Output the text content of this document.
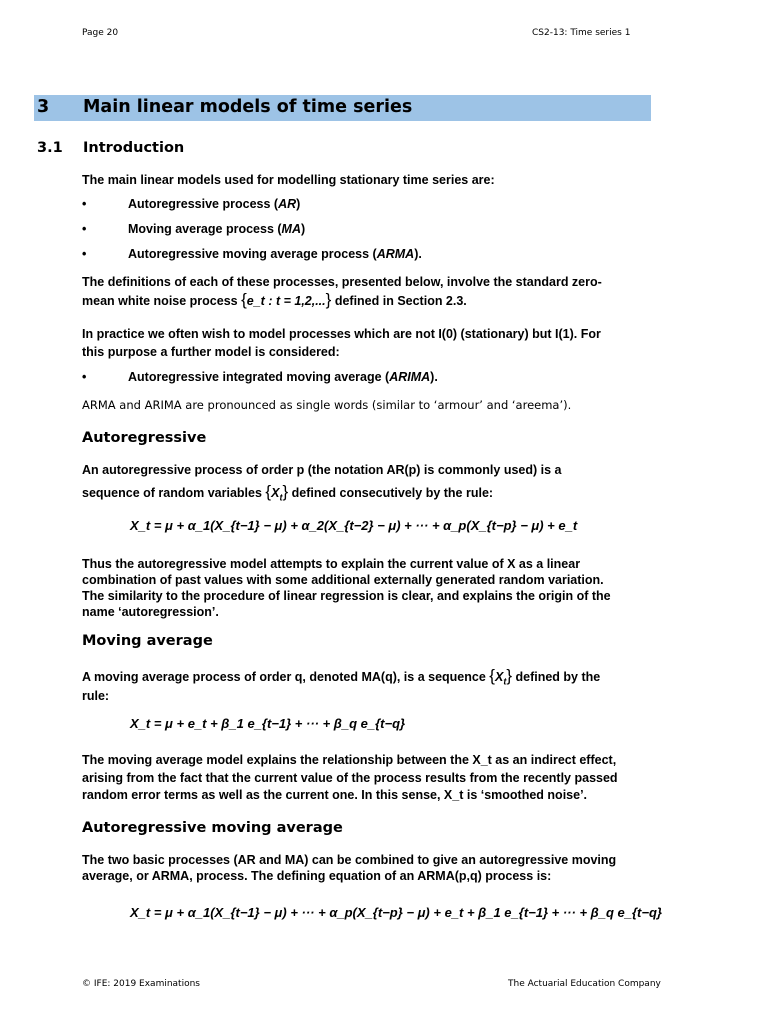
Page 20	CS2-13: Time series 1
3 Main linear models of time series
3.1 Introduction
The main linear models used for modelling stationary time series are:
•	Autoregressive process (AR)
•	Moving average process (MA)
•	Autoregressive moving average process (ARMA).
The definitions of each of these processes, presented below, involve the standard zero-
mean white noise process {e_t : t = 1,2,...} defined in Section 2.3.
In practice we often wish to model processes which are not I(0) (stationary) but I(1). For
this purpose a further model is considered:
•	Autoregressive integrated moving average (ARIMA).
ARMA and ARIMA are pronounced as single words (similar to ‘armour’ and ‘areema’).
Autoregressive
An autoregressive process of order p (the notation AR(p) is commonly used) is a
sequence of random variables $\{X_t\}$ defined consecutively by the rule:
X_t = μ + α_1(X_{t−1} − μ) + α_2(X_{t−2} − μ) + ··· + α_p(X_{t−p} − μ) + e_t
Thus the autoregressive model attempts to explain the current value of X as a linear
combination of past values with some additional externally generated random variation.
The similarity to the procedure of linear regression is clear, and explains the origin of the
name ‘autoregression’.
Moving average
A moving average process of order q, denoted MA(q), is a sequence $\{X_t\}$ defined by the
rule:
X_t = μ + e_t + β_1 e_{t−1} + ··· + β_q e_{t−q}
The moving average model explains the relationship between the X_t as an indirect effect,
arising from the fact that the current value of the process results from the recently passed
random error terms as well as the current one. In this sense, X_t is ‘smoothed noise’.
Autoregressive moving average
The two basic processes (AR and MA) can be combined to give an autoregressive moving
average, or ARMA, process. The defining equation of an ARMA(p,q) process is:
X_t = μ + α_1(X_{t−1} − μ) + ··· + α_p(X_{t−p} − μ) + e_t + β_1 e_{t−1} + ··· + β_q e_{t−q}
© IFE: 2019 Examinations	The Actuarial Education Company
